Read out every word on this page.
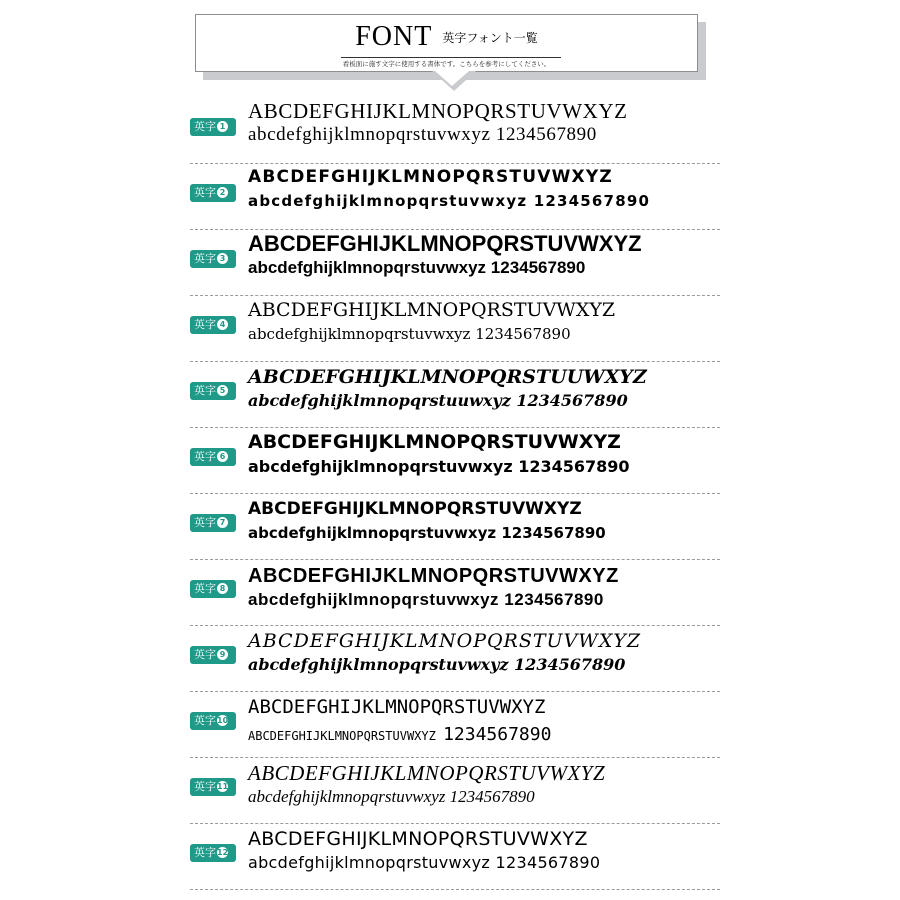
FONT 英字フォント一覧
看板面に施す文字に使用する書体です。こちらを参考にしてください。
英字 1
ABCDEFGHIJKLMNOPQRSTUVWXYZ
abcdefghijklmnopqrstuvwxyz 1234567890
英字 2
ABCDEFGHIJKLMNOPQRSTUVWXYZ
abcdefghijklmnopqrstuvwxyz 1234567890
英字 3
ABCDEFGHIJKLMNOPQRSTUVWXYZ
abcdefghijklmnopqrstuvwxyz 1234567890
英字 4
ABCDEFGHIJKLMNOPQRSTUVWXYZ
abcdefghijklmnopqrstuvwxyz 1234567890
英字 5
ABCDEFGHIJKLMNOPQRSTUUWXYZ
abcdefghijklmnopqrstuuwxyz 1234567890
英字 6
ABCDEFGHIJKLMNOPQRSTUVWXYZ
abcdefghijklmnopqrstuvwxyz 1234567890
英字 7
ABCDEFGHIJKLMNOPQRSTUVWXYZ
abcdefghijklmnopqrstuvwxyz 1234567890
英字 8
ABCDEFGHIJKLMNOPQRSTUVWXYZ
abcdefghijklmnopqrstuvwxyz 1234567890
英字 9
ABCDEFGHIJKLMNOPQRSTUVWXYZ
abcdefghijklmnopqrstuvwxyz 1234567890
英字10
ABCDEFGHIJKLMNOPQRSTUVWXYZ
ABCDEFGHIJKLMNOPQRSTUVWXYZ 1234567890
英字11
ABCDEFGHIJKLMNOPQRSTUVWXYZ
abcdefghijklmnopqrstuvwxyz 1234567890
英字12
ABCDEFGHIJKLMNOPQRSTUVWXYZ
abcdefghijklmnopqrstuvwxyz 1234567890
